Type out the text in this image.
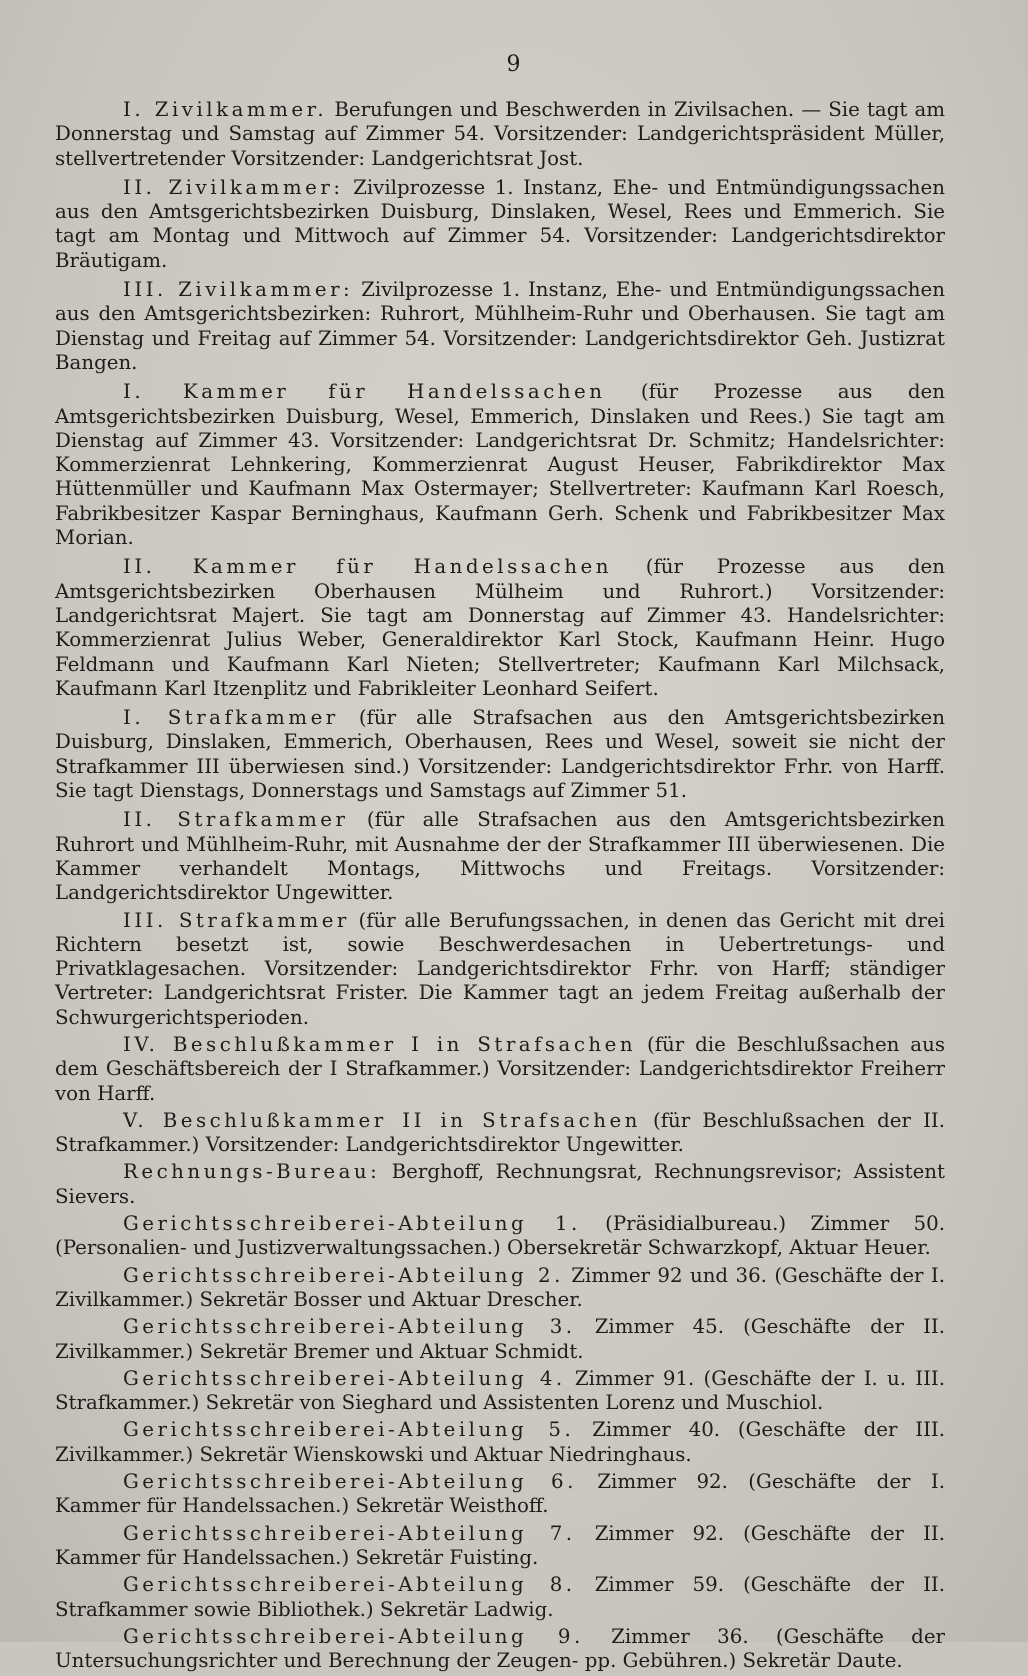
9

I. Zivilkammer. Berufungen und Beschwerden in Zivilsachen. — Sie tagt am Donnerstag und Samstag auf Zimmer 54. Vorsitzender: Landgerichtspräsident Müller, stellvertretender Vorsitzender: Landgerichtsrat Jost.

II. Zivilkammer: Zivilprozesse 1. Instanz, Ehe- und Entmündigungssachen aus den Amtsgerichtsbezirken Duisburg, Dinslaken, Wesel, Rees und Emmerich. Sie tagt am Montag und Mittwoch auf Zimmer 54. Vorsitzender: Landgerichtsdirektor Bräutigam.

III. Zivilkammer: Zivilprozesse 1. Instanz, Ehe- und Entmündigungssachen aus den Amtsgerichtsbezirken: Ruhrort, Mühlheim-Ruhr und Oberhausen. Sie tagt am Dienstag und Freitag auf Zimmer 54. Vorsitzender: Landgerichtsdirektor Geh. Justizrat Bangen.

I. Kammer für Handelssachen (für Prozesse aus den Amtsgerichtsbezirken Duisburg, Wesel, Emmerich, Dinslaken und Rees.) Sie tagt am Dienstag auf Zimmer 43. Vorsitzender: Landgerichtsrat Dr. Schmitz; Handelsrichter: Kommerzienrat Lehnkering, Kommerzienrat August Heuser, Fabrikdirektor Max Hüttenmüller und Kaufmann Max Ostermayer; Stellvertreter: Kaufmann Karl Roesch, Fabrikbesitzer Kaspar Berninghaus, Kaufmann Gerh. Schenk und Fabrikbesitzer Max Morian.

II. Kammer für Handelssachen (für Prozesse aus den Amtsgerichtsbezirken Oberhausen Mülheim und Ruhrort.) Vorsitzender: Landgerichtsrat Majert. Sie tagt am Donnerstag auf Zimmer 43. Handelsrichter: Kommerzienrat Julius Weber, Generaldirektor Karl Stock, Kaufmann Heinr. Hugo Feldmann und Kaufmann Karl Nieten; Stellvertreter; Kaufmann Karl Milchsack, Kaufmann Karl Itzenplitz und Fabrikleiter Leonhard Seifert.

I. Strafkammer (für alle Strafsachen aus den Amtsgerichtsbezirken Duisburg, Dinslaken, Emmerich, Oberhausen, Rees und Wesel, soweit sie nicht der Strafkammer III überwiesen sind.) Vorsitzender: Landgerichtsdirektor Frhr. von Harff. Sie tagt Dienstags, Donnerstags und Samstags auf Zimmer 51.

II. Strafkammer (für alle Strafsachen aus den Amtsgerichtsbezirken Ruhrort und Mühlheim-Ruhr, mit Ausnahme der der Strafkammer III überwiesenen. Die Kammer verhandelt Montags, Mittwochs und Freitags. Vorsitzender: Landgerichtsdirektor Ungewitter.

III. Strafkammer (für alle Berufungssachen, in denen das Gericht mit drei Richtern besetzt ist, sowie Beschwerdesachen in Uebertretungs- und Privatklagesachen. Vorsitzender: Landgerichtsdirektor Frhr. von Harff; ständiger Vertreter: Landgerichtsrat Frister. Die Kammer tagt an jedem Freitag außerhalb der Schwurgerichtsperioden.

IV. Beschlußkammer I in Strafsachen (für die Beschlußsachen aus dem Geschäftsbereich der I Strafkammer.) Vorsitzender: Landgerichtsdirektor Freiherr von Harff.

V. Beschlußkammer II in Strafsachen (für Beschlußsachen der II. Strafkammer.) Vorsitzender: Landgerichtsdirektor Ungewitter.

Rechnungs-Bureau: Berghoff, Rechnungsrat, Rechnungsrevisor; Assistent Sievers.

Gerichtsschreiberei-Abteilung 1. (Präsidialbureau.) Zimmer 50. (Personalien- und Justizverwaltungssachen.) Obersekretär Schwarzkopf, Aktuar Heuer.

Gerichtsschreiberei-Abteilung 2. Zimmer 92 und 36. (Geschäfte der I. Zivilkammer.) Sekretär Bosser und Aktuar Drescher.

Gerichtsschreiberei-Abteilung 3. Zimmer 45. (Geschäfte der II. Zivilkammer.) Sekretär Bremer und Aktuar Schmidt.

Gerichtsschreiberei-Abteilung 4. Zimmer 91. (Geschäfte der I. u. III. Strafkammer.) Sekretär von Sieghard und Assistenten Lorenz und Muschiol.

Gerichtsschreiberei-Abteilung 5. Zimmer 40. (Geschäfte der III. Zivilkammer.) Sekretär Wienskowski und Aktuar Niedringhaus.

Gerichtsschreiberei-Abteilung 6. Zimmer 92. (Geschäfte der I. Kammer für Handelssachen.) Sekretär Weisthoff.

Gerichtsschreiberei-Abteilung 7. Zimmer 92. (Geschäfte der II. Kammer für Handelssachen.) Sekretär Fuisting.

Gerichtsschreiberei-Abteilung 8. Zimmer 59. (Geschäfte der II. Strafkammer sowie Bibliothek.) Sekretär Ladwig.

Gerichtsschreiberei-Abteilung 9. Zimmer 36. (Geschäfte der Untersuchungsrichter und Berechnung der Zeugen- pp. Gebühren.) Sekretär Daute.
